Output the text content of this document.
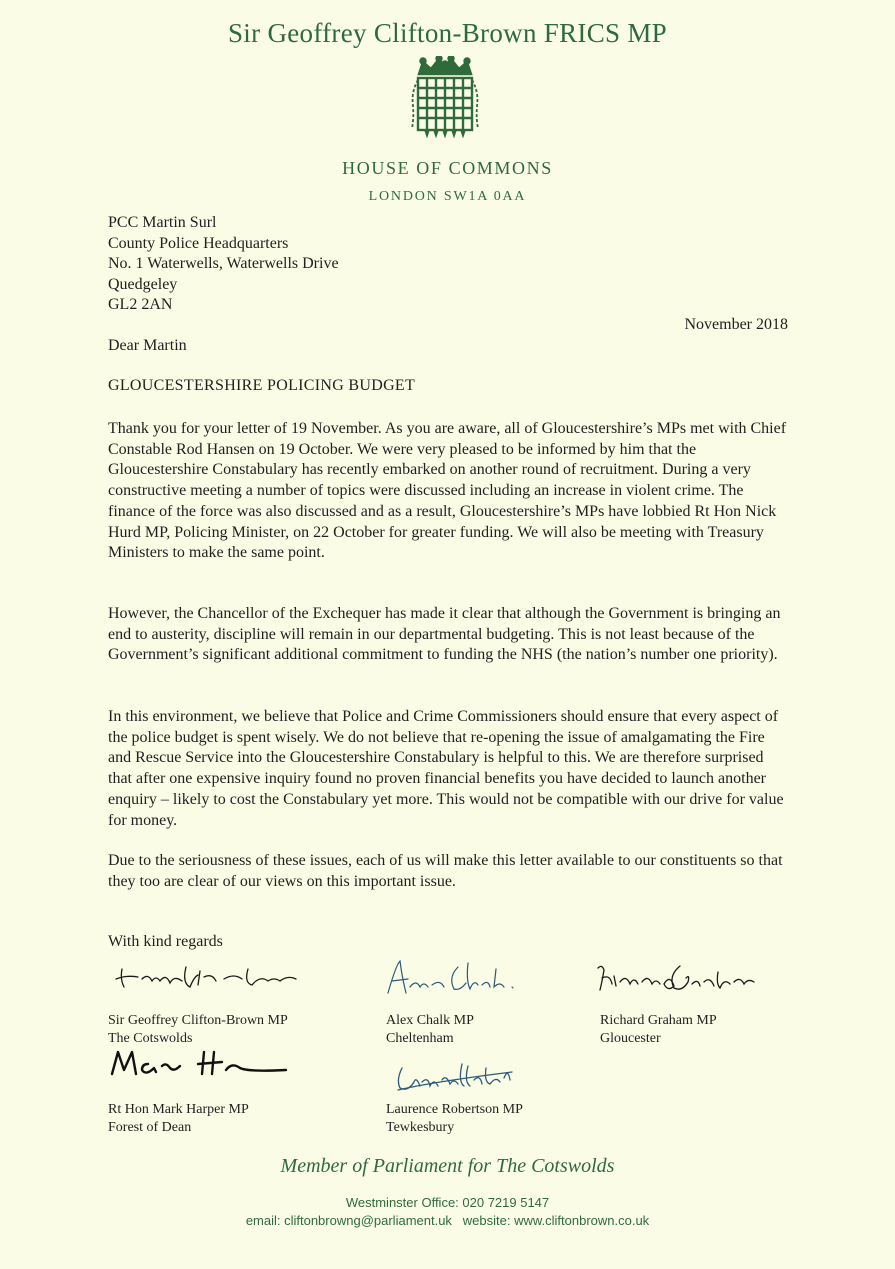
Sir Geoffrey Clifton-Brown FRICS MP
HOUSE OF COMMONS
LONDON SW1A 0AA
PCC Martin Surl
County Police Headquarters
No. 1 Waterwells, Waterwells Drive
Quedgeley
GL2 2AN
November 2018
Dear Martin
GLOUCESTERSHIRE POLICING BUDGET

Thank you for your letter of 19 November. As you are aware, all of Gloucestershire’s MPs met with Chief Constable Rod Hansen on 19 October. We were very pleased to be informed by him that the Gloucestershire Constabulary has recently embarked on another round of recruitment. During a very constructive meeting a number of topics were discussed including an increase in violent crime. The finance of the force was also discussed and as a result, Gloucestershire’s MPs have lobbied Rt Hon Nick Hurd MP, Policing Minister, on 22 October for greater funding. We will also be meeting with Treasury Ministers to make the same point.

However, the Chancellor of the Exchequer has made it clear that although the Government is bringing an end to austerity, discipline will remain in our departmental budgeting. This is not least because of the Government’s significant additional commitment to funding the NHS (the nation’s number one priority).

In this environment, we believe that Police and Crime Commissioners should ensure that every aspect of the police budget is spent wisely. We do not believe that re-opening the issue of amalgamating the Fire and Rescue Service into the Gloucestershire Constabulary is helpful to this. We are therefore surprised that after one expensive inquiry found no proven financial benefits you have decided to launch another enquiry – likely to cost the Constabulary yet more. This would not be compatible with our drive for value for money.

Due to the seriousness of these issues, each of us will make this letter available to our constituents so that they too are clear of our views on this important issue.

With kind regards
Sir Geoffrey Clifton-Brown MP
The Cotswolds
Alex Chalk MP
Cheltenham
Richard Graham MP
Gloucester
Rt Hon Mark Harper MP
Forest of Dean
Laurence Robertson MP
Tewkesbury
Member of Parliament for The Cotswolds
Westminster Office: 020 7219 5147
email: cliftonbrowng@parliament.uk   website: www.cliftonbrown.co.uk
